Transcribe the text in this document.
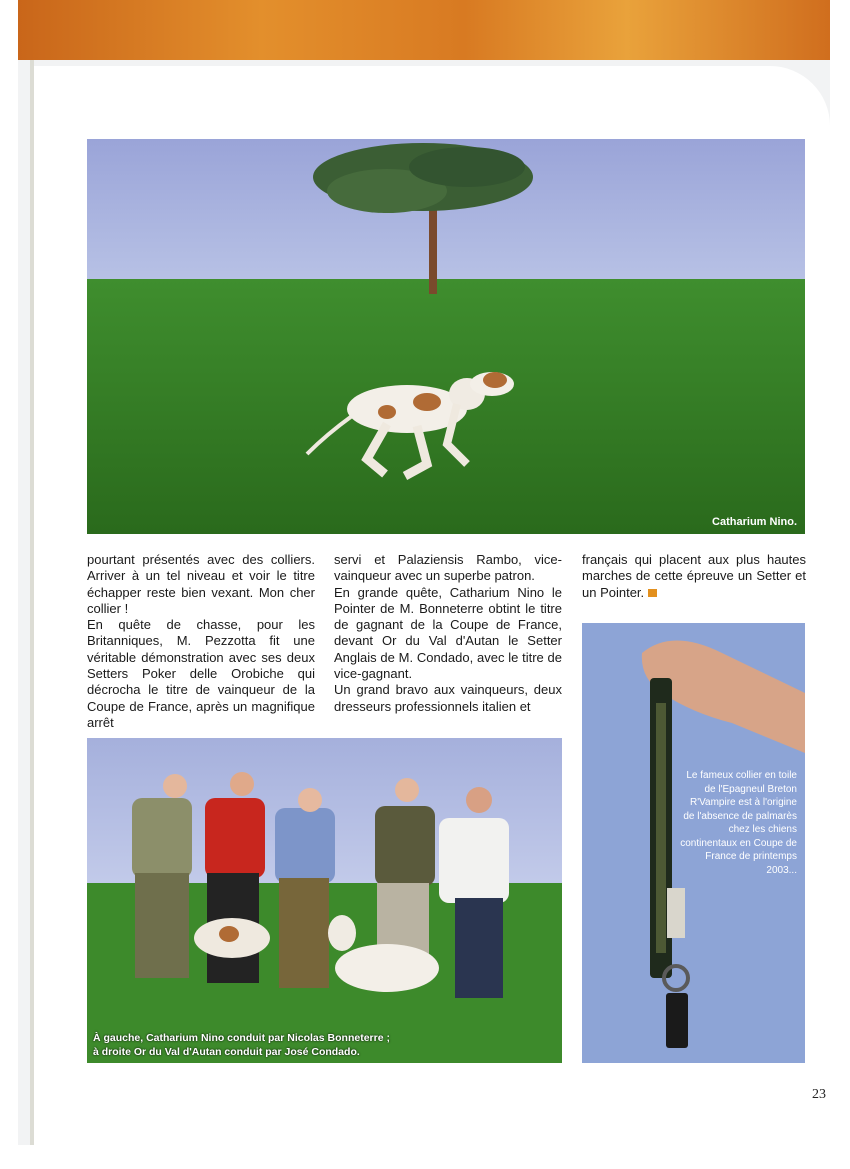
Catharium Nino.

pourtant présentés avec des colliers. Arriver à un tel niveau et voir le titre échapper reste bien vexant. Mon cher collier !

En quête de chasse, pour les Britanniques, M. Pezzotta fit une véritable démonstration avec ses deux Setters Poker delle Orobiche qui décrocha le titre de vainqueur de la Coupe de France, après un magnifique arrêt

servi et Palaziensis Rambo, vice-vainqueur avec un superbe patron.

En grande quête, Catharium Nino le Pointer de M. Bonneterre obtint le titre de gagnant de la Coupe de France, devant Or du Val d'Autan le Setter Anglais de M. Condado, avec le titre de vice-gagnant.

Un grand bravo aux vainqueurs, deux dresseurs professionnels italien et

français qui placent aux plus hautes marches de cette épreuve un Setter et un Pointer.

À gauche, Catharium Nino conduit par Nicolas Bonneterre ;
à droite Or du Val d'Autan conduit par José Condado.
Le fameux collier en toile de l'Epagneul Breton R'Vampire est à l'origine de l'absence de palmarès chez les chiens continentaux en Coupe de France de printemps 2003...
23
